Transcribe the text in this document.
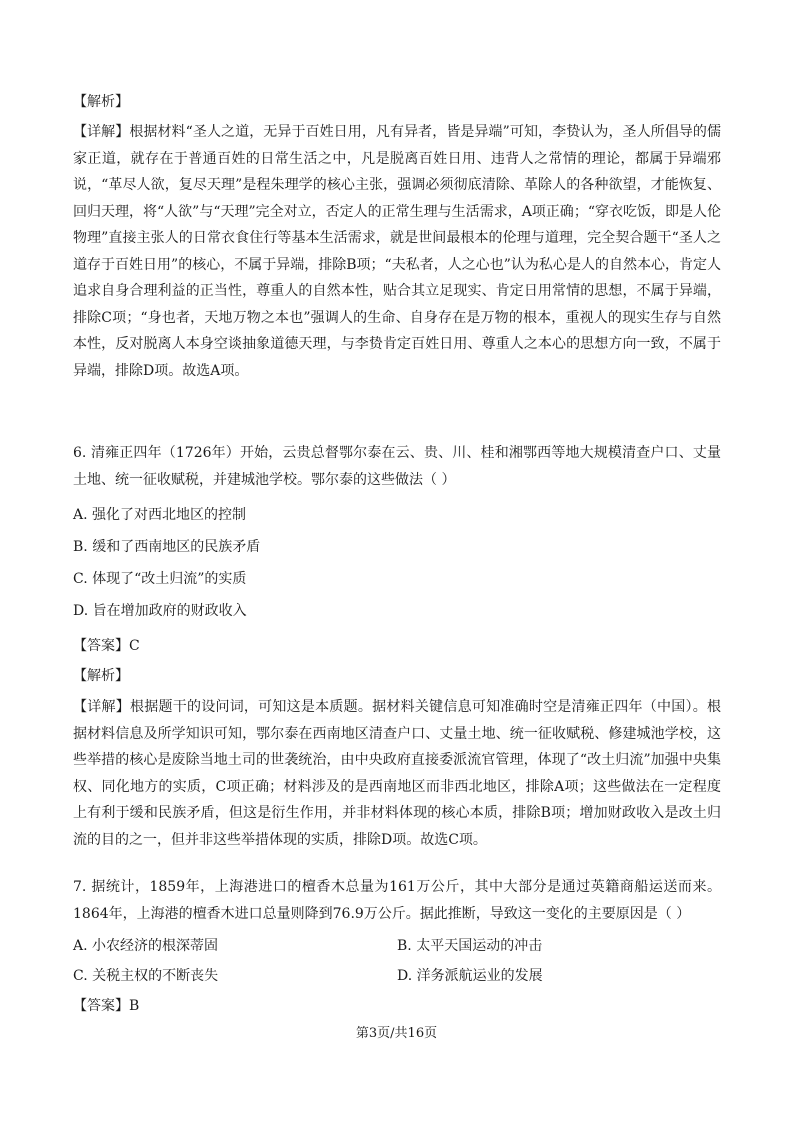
【解析】

【详解】根据材料“圣人之道，无异于百姓日用，凡有异者，皆是异端”可知，李贽认为，圣人所倡导的儒家正道，就存在于普通百姓的日常生活之中，凡是脱离百姓日用、违背人之常情的理论，都属于异端邪说，“革尽人欲，复尽天理”是程朱理学的核心主张，强调必须彻底清除、革除人的各种欲望，才能恢复、回归天理，将“人欲”与“天理”完全对立，否定人的正常生理与生活需求，A项正确；“穿衣吃饭，即是人伦物理”直接主张人的日常衣食住行等基本生活需求，就是世间最根本的伦理与道理，完全契合题干“圣人之道存于百姓日用”的核心，不属于异端，排除B项；“夫私者，人之心也”认为私心是人的自然本心，肯定人追求自身合理利益的正当性，尊重人的自然本性，贴合其立足现实、肯定日用常情的思想，不属于异端，排除C项；“身也者，天地万物之本也”强调人的生命、自身存在是万物的根本，重视人的现实生存与自然本性，反对脱离人本身空谈抽象道德天理，与李贽肯定百姓日用、尊重人之本心的思想方向一致，不属于异端，排除D项。故选A项。

6. 清雍正四年（1726年）开始，云贵总督鄂尔泰在云、贵、川、桂和湘鄂西等地大规模清查户口、丈量土地、统一征收赋税，并建城池学校。鄂尔泰的这些做法（ ）

A. 强化了对西北地区的控制
B. 缓和了西南地区的民族矛盾
C. 体现了“改土归流”的实质
D. 旨在增加政府的财政收入
【答案】C
【解析】

【详解】根据题干的设问词，可知这是本质题。据材料关键信息可知准确时空是清雍正四年（中国）。根据材料信息及所学知识可知，鄂尔泰在西南地区清查户口、丈量土地、统一征收赋税、修建城池学校，这些举措的核心是废除当地土司的世袭统治，由中央政府直接委派流官管理，体现了“改土归流”加强中央集权、同化地方的实质，C项正确；材料涉及的是西南地区而非西北地区，排除A项；这些做法在一定程度上有利于缓和民族矛盾，但这是衍生作用，并非材料体现的核心本质，排除B项；增加财政收入是改土归流的目的之一，但并非这些举措体现的实质，排除D项。故选C项。

7. 据统计，1859年，上海港进口的檀香木总量为161万公斤，其中大部分是通过英籍商船运送而来。1864年，上海港的檀香木进口总量则降到76.9万公斤。据此推断，导致这一变化的主要原因是（ ）

A. 小农经济的根深蒂固	B. 太平天国运动的冲击
C. 关税主权的不断丧失	D. 洋务派航运业的发展
【答案】B
第3页/共16页
